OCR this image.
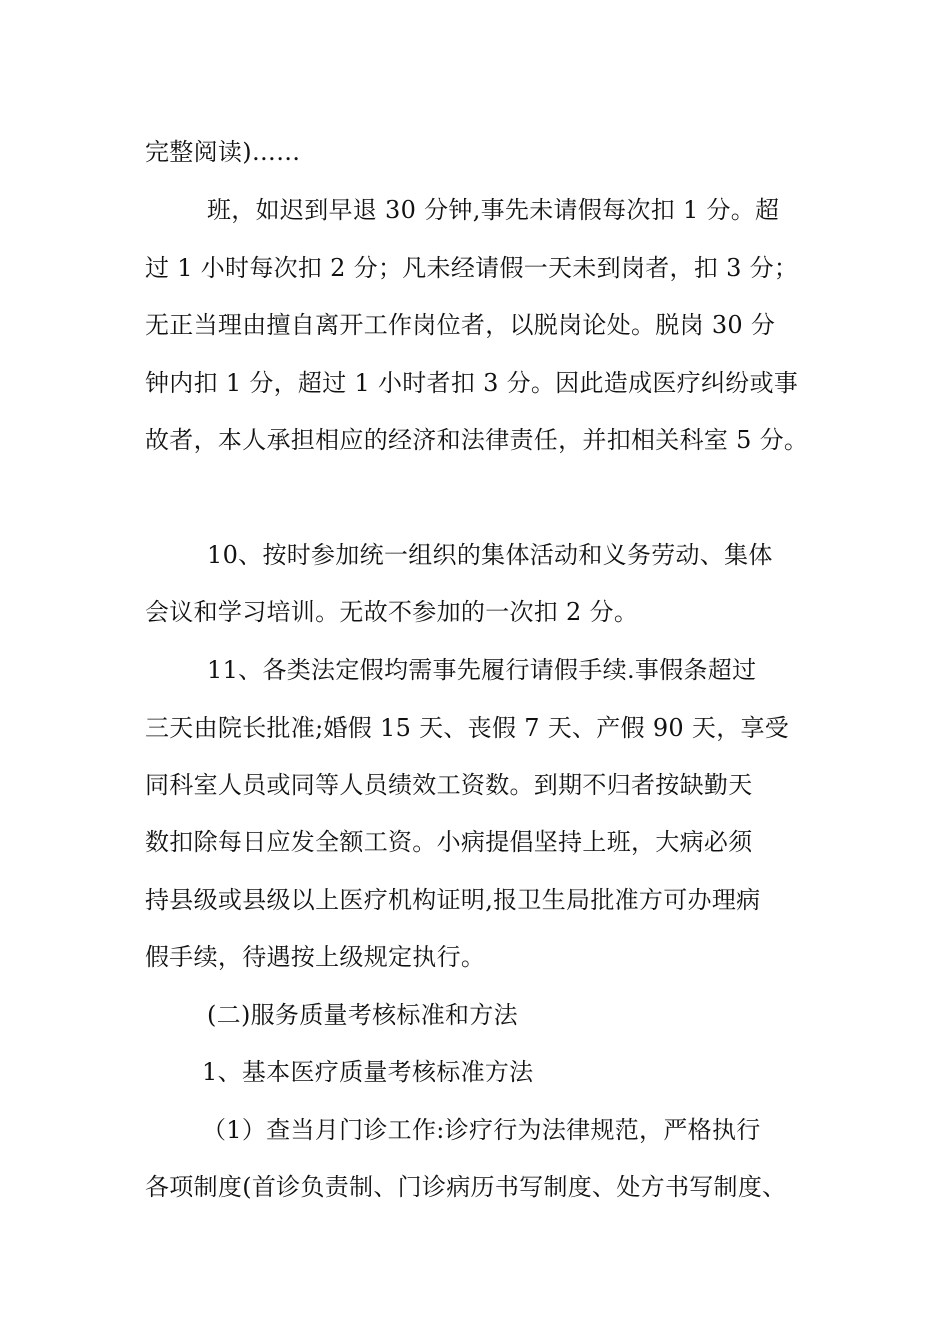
完整阅读)……
班，如迟到早退 30 分钟,事先未请假每次扣 1 分。超
过 1 小时每次扣 2 分；凡未经请假一天未到岗者，扣 3 分；
无正当理由擅自离开工作岗位者，以脱岗论处。脱岗 30 分
钟内扣 1 分，超过 1 小时者扣 3 分。因此造成医疗纠纷或事
故者，本人承担相应的经济和法律责任，并扣相关科室 5 分。
10、按时参加统一组织的集体活动和义务劳动、集体
会议和学习培训。无故不参加的一次扣 2 分。
11、各类法定假均需事先履行请假手续.事假条超过
三天由院长批准;婚假 15 天、丧假 7 天、产假 90 天，享受
同科室人员或同等人员绩效工资数。到期不归者按缺勤天
数扣除每日应发全额工资。小病提倡坚持上班，大病必须
持县级或县级以上医疗机构证明,报卫生局批准方可办理病
假手续，待遇按上级规定执行。
(二)服务质量考核标准和方法
1、基本医疗质量考核标准方法
（1）查当月门诊工作:诊疗行为法律规范，严格执行
各项制度(首诊负责制、门诊病历书写制度、处方书写制度、
